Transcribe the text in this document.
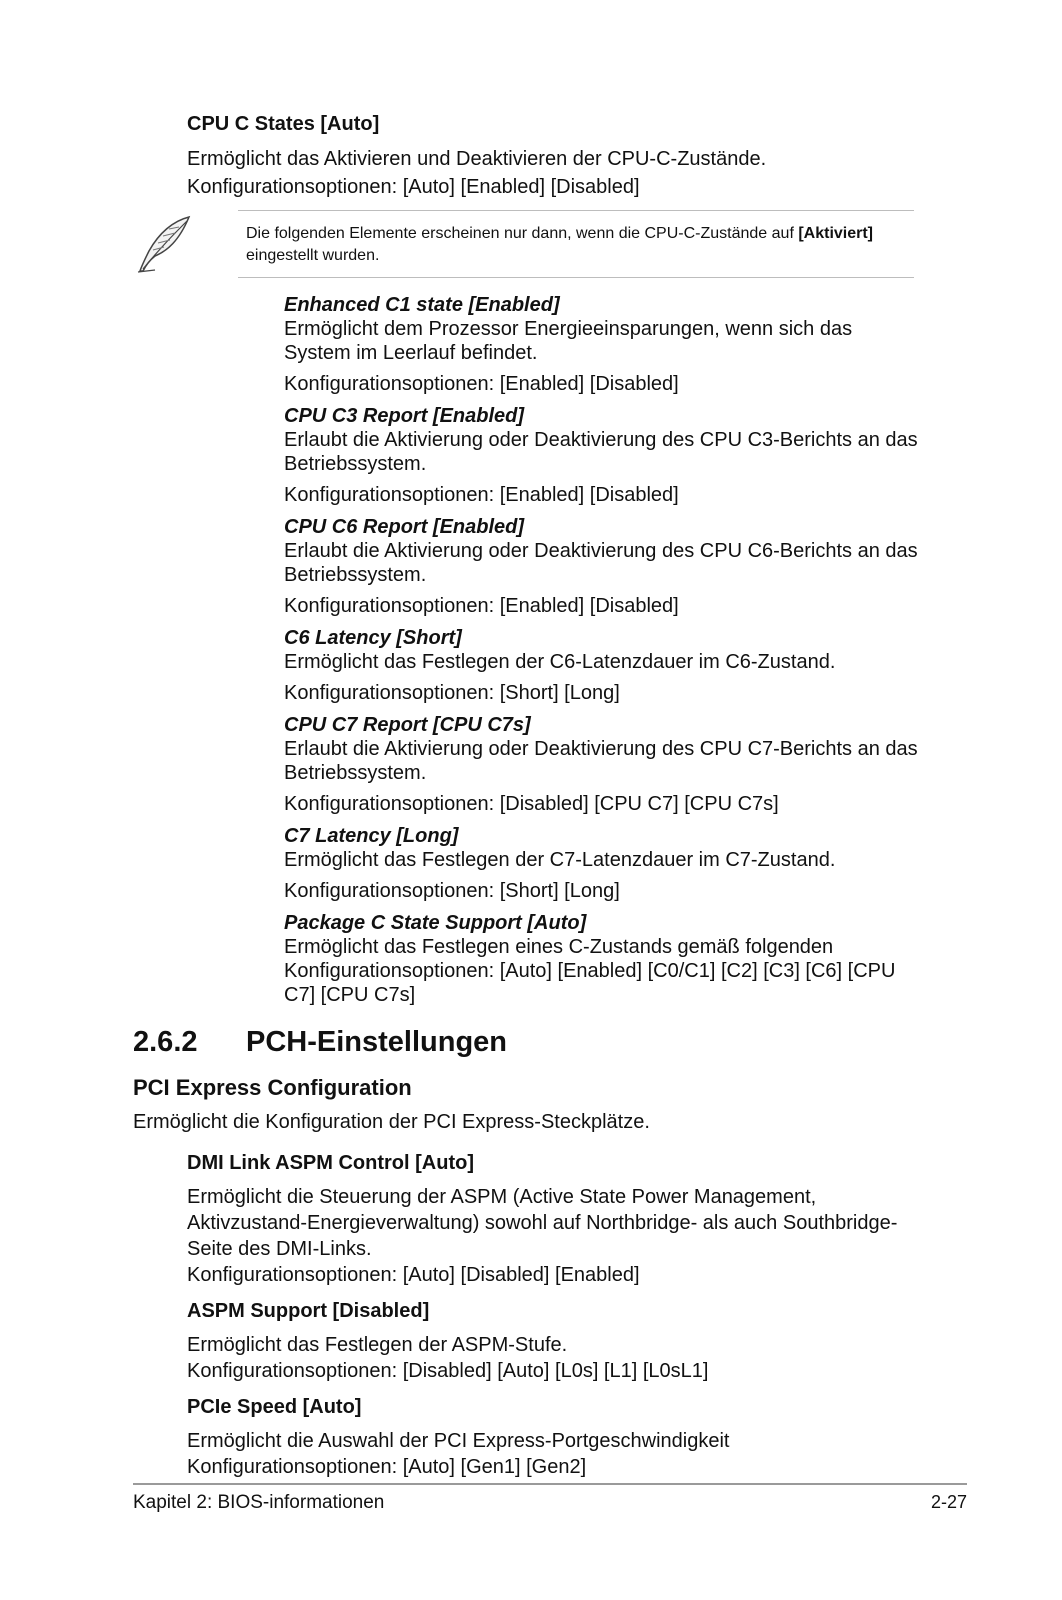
CPU C States [Auto]
Ermöglicht das Aktivieren und Deaktivieren der CPU-C-Zustände.
Konfigurationsoptionen: [Auto] [Enabled] [Disabled]
Die folgenden Elemente erscheinen nur dann, wenn die CPU-C-Zustände auf [Aktiviert] eingestellt wurden.
Enhanced C1 state [Enabled]
Ermöglicht dem Prozessor Energieeinsparungen, wenn sich das System im Leerlauf befindet.
Konfigurationsoptionen: [Enabled] [Disabled]
CPU C3 Report [Enabled]
Erlaubt die Aktivierung oder Deaktivierung des CPU C3-Berichts an das Betriebssystem.
Konfigurationsoptionen: [Enabled] [Disabled]
CPU C6 Report [Enabled]
Erlaubt die Aktivierung oder Deaktivierung des CPU C6-Berichts an das Betriebssystem.
Konfigurationsoptionen: [Enabled] [Disabled]
C6 Latency [Short]
Ermöglicht das Festlegen der C6-Latenzdauer im C6-Zustand.
Konfigurationsoptionen: [Short] [Long]
CPU C7 Report [CPU C7s]
Erlaubt die Aktivierung oder Deaktivierung des CPU C7-Berichts an das Betriebssystem.
Konfigurationsoptionen: [Disabled] [CPU C7] [CPU C7s]
C7 Latency [Long]
Ermöglicht das Festlegen der C7-Latenzdauer im C7-Zustand.
Konfigurationsoptionen: [Short] [Long]
Package C State Support [Auto]
Ermöglicht das Festlegen eines C-Zustands gemäß folgenden Konfigurationsoptionen: [Auto] [Enabled] [C0/C1] [C2] [C3] [C6] [CPU C7] [CPU C7s]
2.6.2 PCH-Einstellungen
PCI Express Configuration
Ermöglicht die Konfiguration der PCI Express-Steckplätze.
DMI Link ASPM Control [Auto]
Ermöglicht die Steuerung der ASPM (Active State Power Management, Aktivzustand-Energieverwaltung) sowohl auf Northbridge- als auch Southbridge-Seite des DMI-Links.
Konfigurationsoptionen: [Auto] [Disabled] [Enabled]
ASPM Support [Disabled]
Ermöglicht das Festlegen der ASPM-Stufe.
Konfigurationsoptionen: [Disabled] [Auto] [L0s] [L1] [L0sL1]
PCIe Speed [Auto]
Ermöglicht die Auswahl der PCI Express-Portgeschwindigkeit
Konfigurationsoptionen: [Auto] [Gen1] [Gen2]
Kapitel 2: BIOS-informationen	2-27
